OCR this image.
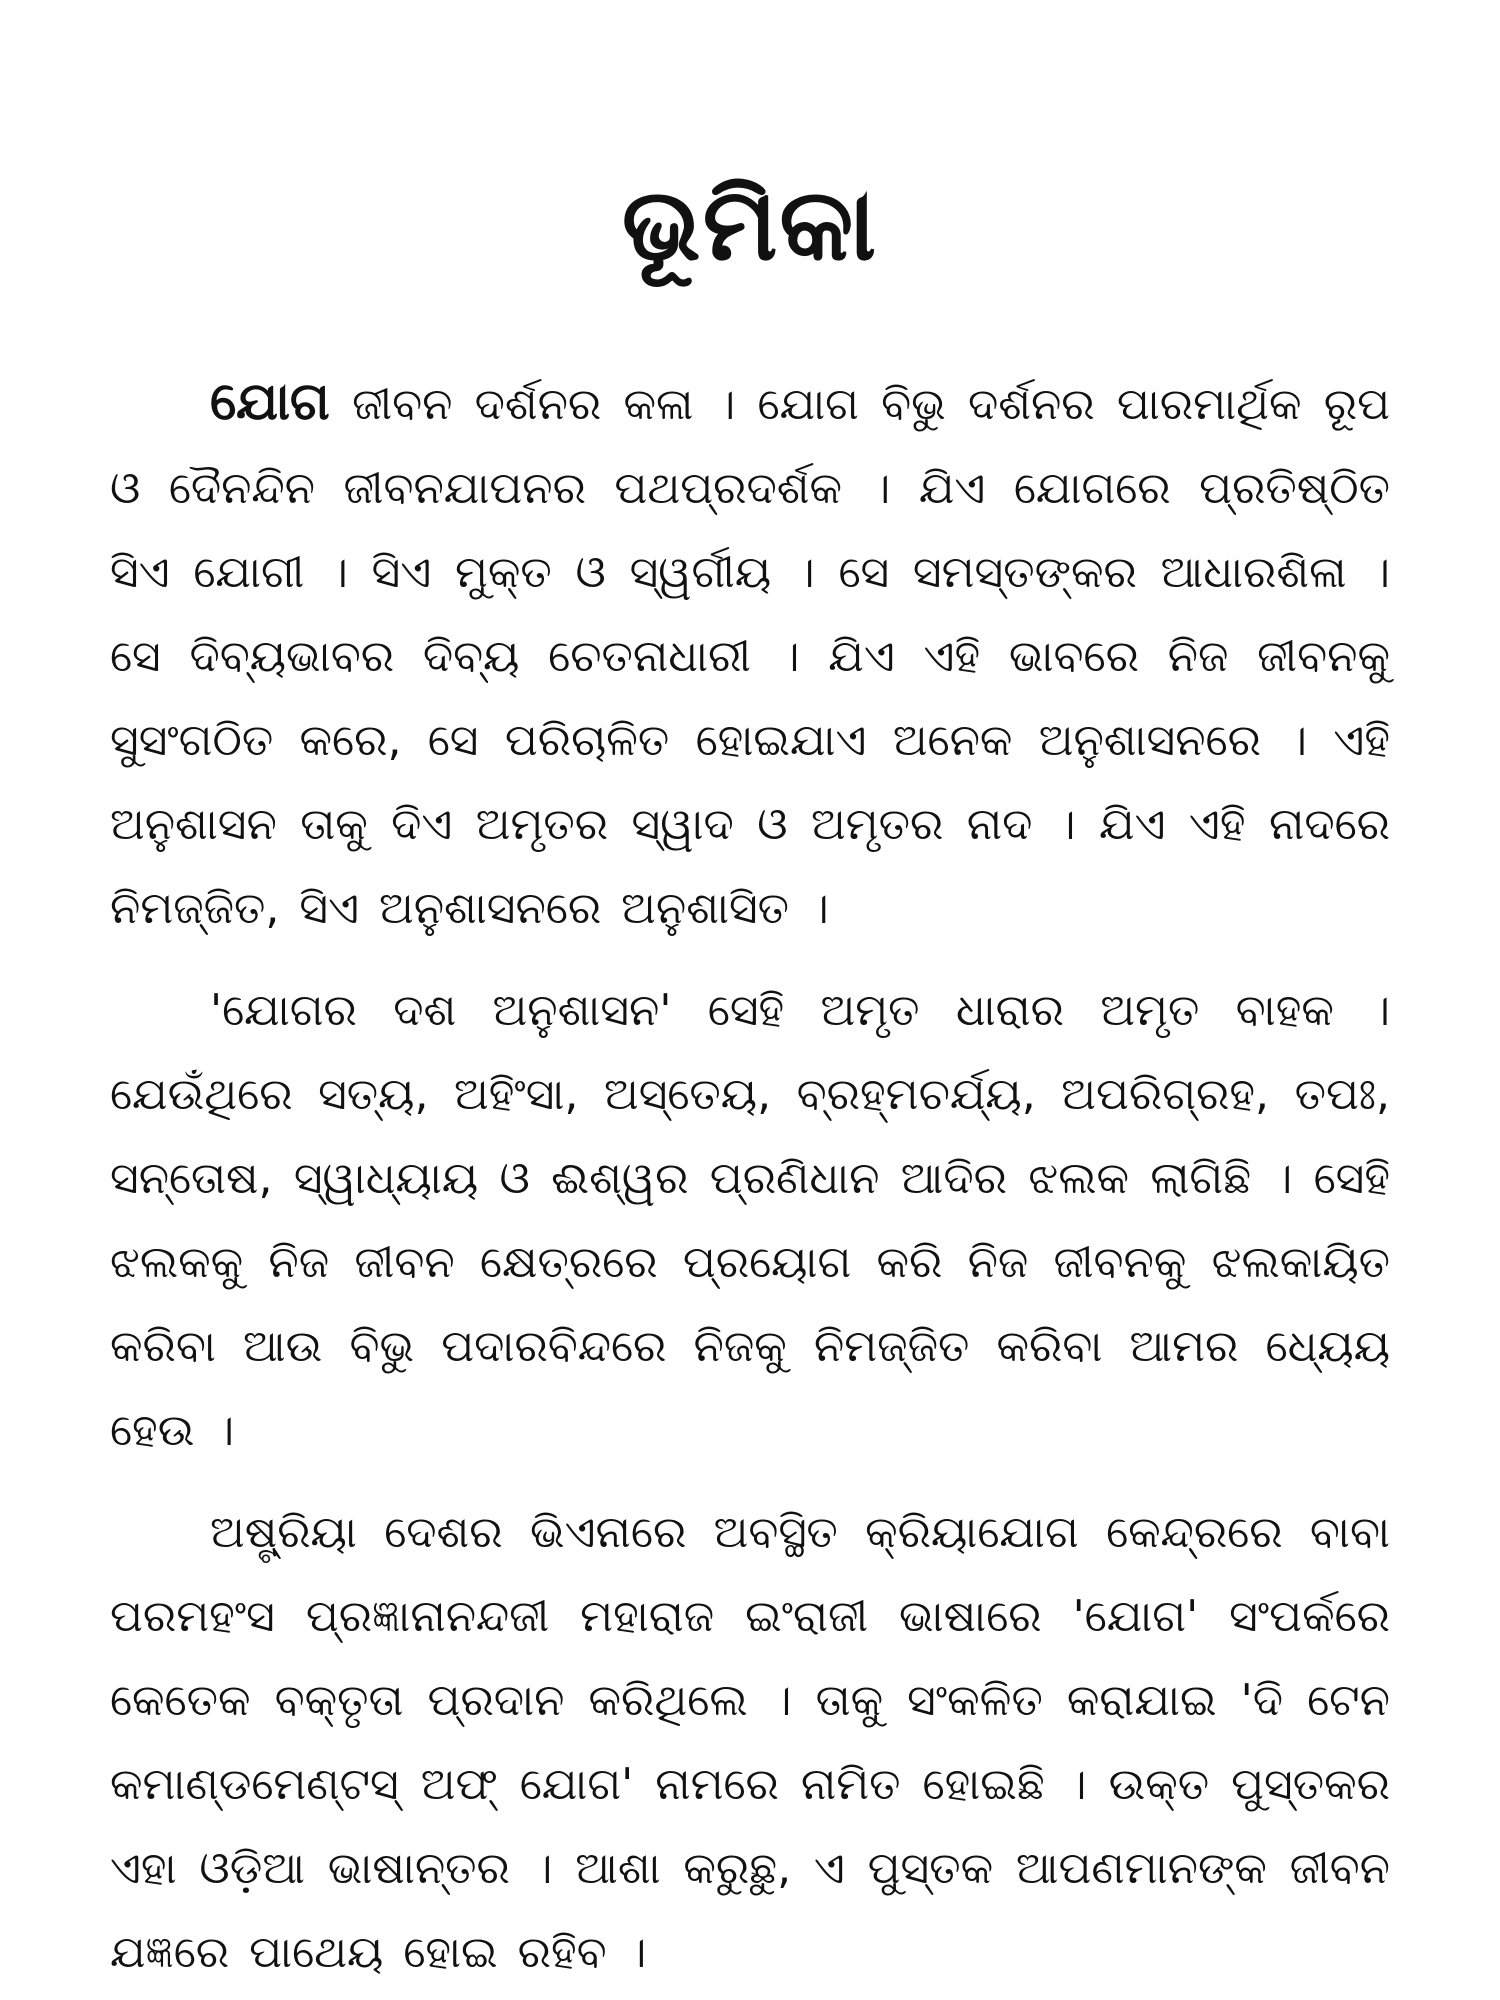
ଭୂମିକା

ଯୋଗ ଜୀବନ ଦର୍ଶନର କଳା । ଯୋଗ ବିଭୁ ଦର୍ଶନର ପାରମାର୍ଥିକ ରୂପ ଓ ଦୈନନ୍ଦିନ ଜୀବନଯାପନର ପଥପ୍ରଦର୍ଶକ । ଯିଏ ଯୋଗରେ ପ୍ରତିଷ୍ଠିତ ସିଏ ଯୋଗୀ । ସିଏ ମୁକ୍ତ ଓ ସ୍ୱର୍ଗୀୟ । ସେ ସମସ୍ତଙ୍କର ଆଧାରଶିଳା । ସେ ଦିବ୍ୟଭାବର ଦିବ୍ୟ ଚେତନାଧାରୀ । ଯିଏ ଏହି ଭାବରେ ନିଜ ଜୀବନକୁ ସୁସଂଗଠିତ କରେ, ସେ ପରିଚାଳିତ ହୋଇଯାଏ ଅନେକ ଅନୁଶାସନରେ । ଏହି ଅନୁଶାସନ ତାକୁ ଦିଏ ଅମୃତର ସ୍ୱାଦ ଓ ଅମୃତର ନାଦ । ଯିଏ ଏହି ନାଦରେ ନିମଜ୍ଜିତ, ସିଏ ଅନୁଶାସନରେ ଅନୁଶାସିତ ।

'ଯୋଗର ଦଶ ଅନୁଶାସନ' ସେହି ଅମୃତ ଧାରାର ଅମୃତ ବାହକ । ଯେଉଁଥିରେ ସତ୍ୟ, ଅହିଂସା, ଅସ୍ତେୟ, ବ୍ରହ୍ମଚର୍ଯ୍ୟ, ଅପରିଗ୍ରହ, ତପଃ, ସନ୍ତୋଷ, ସ୍ୱାଧ୍ୟାୟ ଓ ଈଶ୍ୱର ପ୍ରଣିଧାନ ଆଦିର ଝଲକ ଲାଗିଛି । ସେହି ଝଲକକୁ ନିଜ ଜୀବନ କ୍ଷେତ୍ରରେ ପ୍ରୟୋଗ କରି ନିଜ ଜୀବନକୁ ଝଲକାୟିତ କରିବା ଆଉ ବିଭୁ ପଦାରବିନ୍ଦରେ ନିଜକୁ ନିମଜ୍ଜିତ କରିବା ଆମର ଧ୍ୟେୟ ହେଉ ।

ଅଷ୍ଟ୍ରିୟା ଦେଶର ଭିଏନାରେ ଅବସ୍ଥିତ କ୍ରିୟାଯୋଗ କେନ୍ଦ୍ରରେ ବାବା ପରମହଂସ ପ୍ରଜ୍ଞାନାନନ୍ଦଜୀ ମହାରାଜ ଇଂରାଜୀ ଭାଷାରେ 'ଯୋଗ' ସଂପର୍କରେ କେତେକ ବକ୍ତୃତା ପ୍ରଦାନ କରିଥିଲେ । ତାକୁ ସଂକଳିତ କରାଯାଇ 'ଦି ଟେନ କମାଣ୍ଡମେଣ୍ଟସ୍ ଅଫ୍ ଯୋଗ' ନାମରେ ନାମିତ ହୋଇଛି । ଉକ୍ତ ପୁସ୍ତକର ଏହା ଓଡ଼ିଆ ଭାଷାନ୍ତର । ଆଶା କରୁଛୁ, ଏ ପୁସ୍ତକ ଆପଣମାନଙ୍କ ଜୀବନ ଯଜ୍ଞରେ ପାଥେୟ ହୋଇ ରହିବ ।
